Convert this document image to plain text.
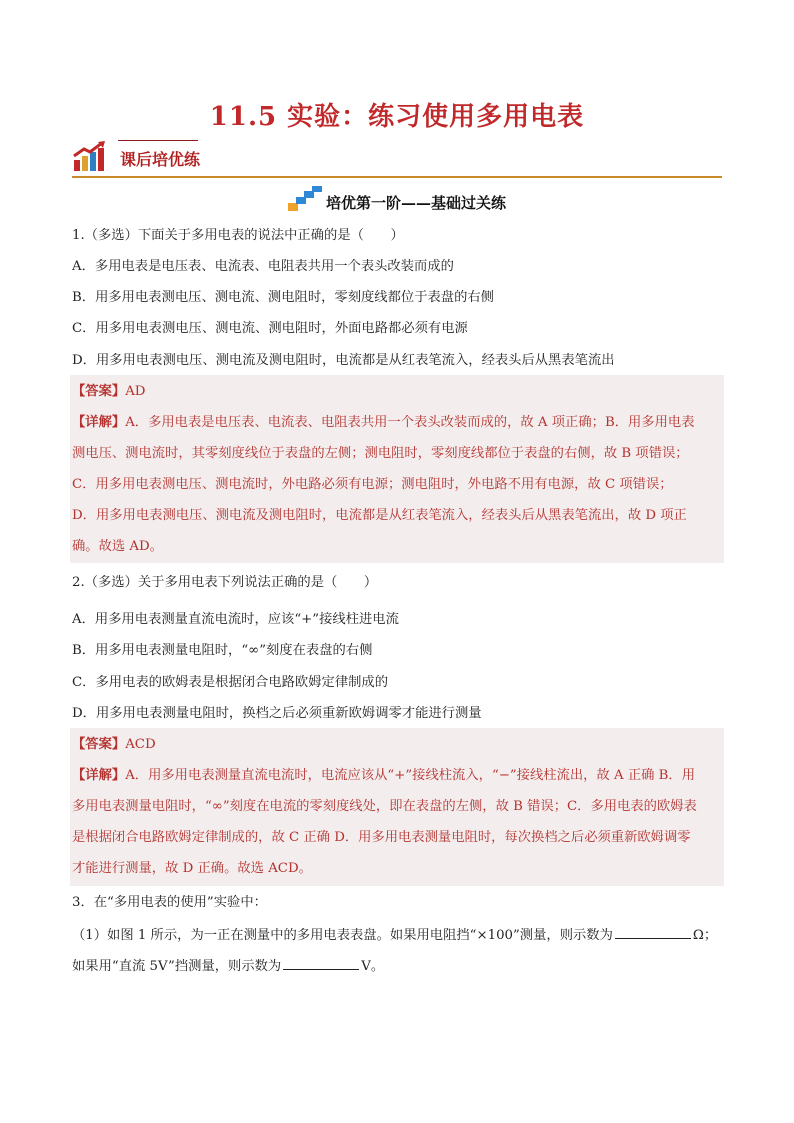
11.5 实验：练习使用多用电表
课后培优练
培优第一阶——基础过关练
1.（多选）下面关于多用电表的说法中正确的是（　　）
A．多用电表是电压表、电流表、电阻表共用一个表头改装而成的
B．用多用电表测电压、测电流、测电阻时，零刻度线都位于表盘的右侧
C．用多用电表测电压、测电流、测电阻时，外面电路都必须有电源
D．用多用电表测电压、测电流及测电阻时，电流都是从红表笔流入，经表头后从黑表笔流出
【答案】AD
【详解】A．多用电表是电压表、电流表、电阻表共用一个表头改装而成的，故 A 项正确；B．用多用电表
测电压、测电流时，其零刻度线位于表盘的左侧；测电阻时，零刻度线都位于表盘的右侧，故 B 项错误；
C．用多用电表测电压、测电流时，外电路必须有电源；测电阻时，外电路不用有电源，故 C 项错误；
D．用多用电表测电压、测电流及测电阻时，电流都是从红表笔流入，经表头后从黑表笔流出，故 D 项正
确。故选 AD。
2.（多选）关于多用电表下列说法正确的是（　　）
A．用多用电表测量直流电流时，应该“+”接线柱进电流
B．用多用电表测量电阻时，“∞”刻度在表盘的右侧
C．多用电表的欧姆表是根据闭合电路欧姆定律制成的
D．用多用电表测量电阻时，换档之后必须重新欧姆调零才能进行测量
【答案】ACD
【详解】A．用多用电表测量直流电流时，电流应该从“+”接线柱流入，“−”接线柱流出，故 A 正确 B．用
多用电表测量电阻时，“∞”刻度在电流的零刻度线处，即在表盘的左侧，故 B 错误；C．多用电表的欧姆表
是根据闭合电路欧姆定律制成的，故 C 正确 D．用多用电表测量电阻时，每次换档之后必须重新欧姆调零
才能进行测量，故 D 正确。故选 ACD。
3．在“多用电表的使用”实验中：
（1）如图 1 所示，为一正在测量中的多用电表表盘。如果用电阻挡“×100”测量，则示数为	Ω；
如果用“直流 5V”挡测量，则示数为	V。
